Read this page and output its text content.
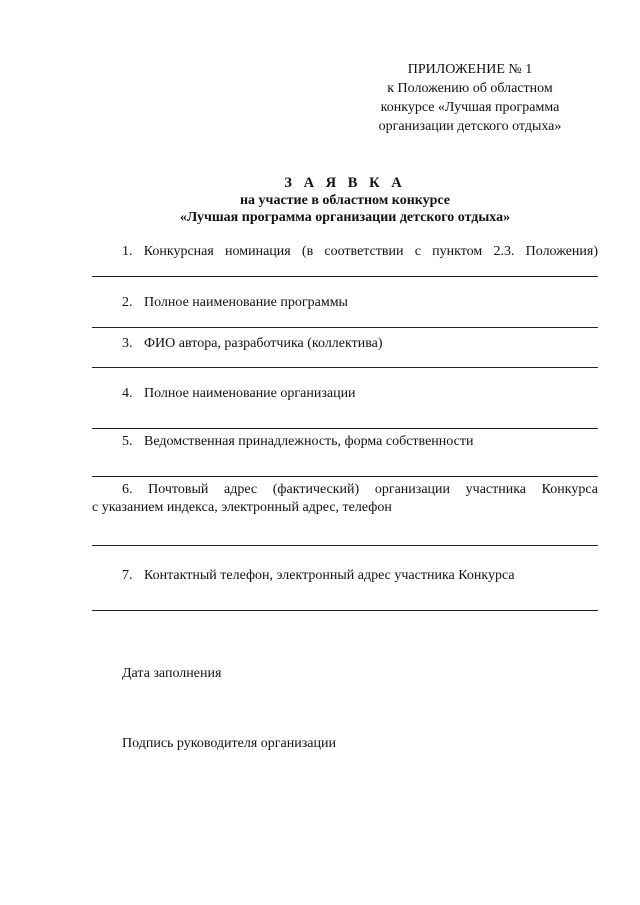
ПРИЛОЖЕНИЕ № 1
к Положению об областном
конкурсе «Лучшая программа
организации детского отдыха»
З А Я В К А
на участие в областном конкурсе
«Лучшая программа организации детского отдыха»
1. Конкурсная номинация (в соответствии с пунктом 2.3. Положения)
2. Полное наименование программы
3. ФИО автора, разработчика (коллектива)
4. Полное наименование организации
5. Ведомственная принадлежность, форма собственности
6. Почтовый адрес (фактический) организации участника Конкурса
с указанием индекса, электронный адрес, телефон
7. Контактный телефон, электронный адрес участника Конкурса
Дата заполнения
Подпись руководителя организации
